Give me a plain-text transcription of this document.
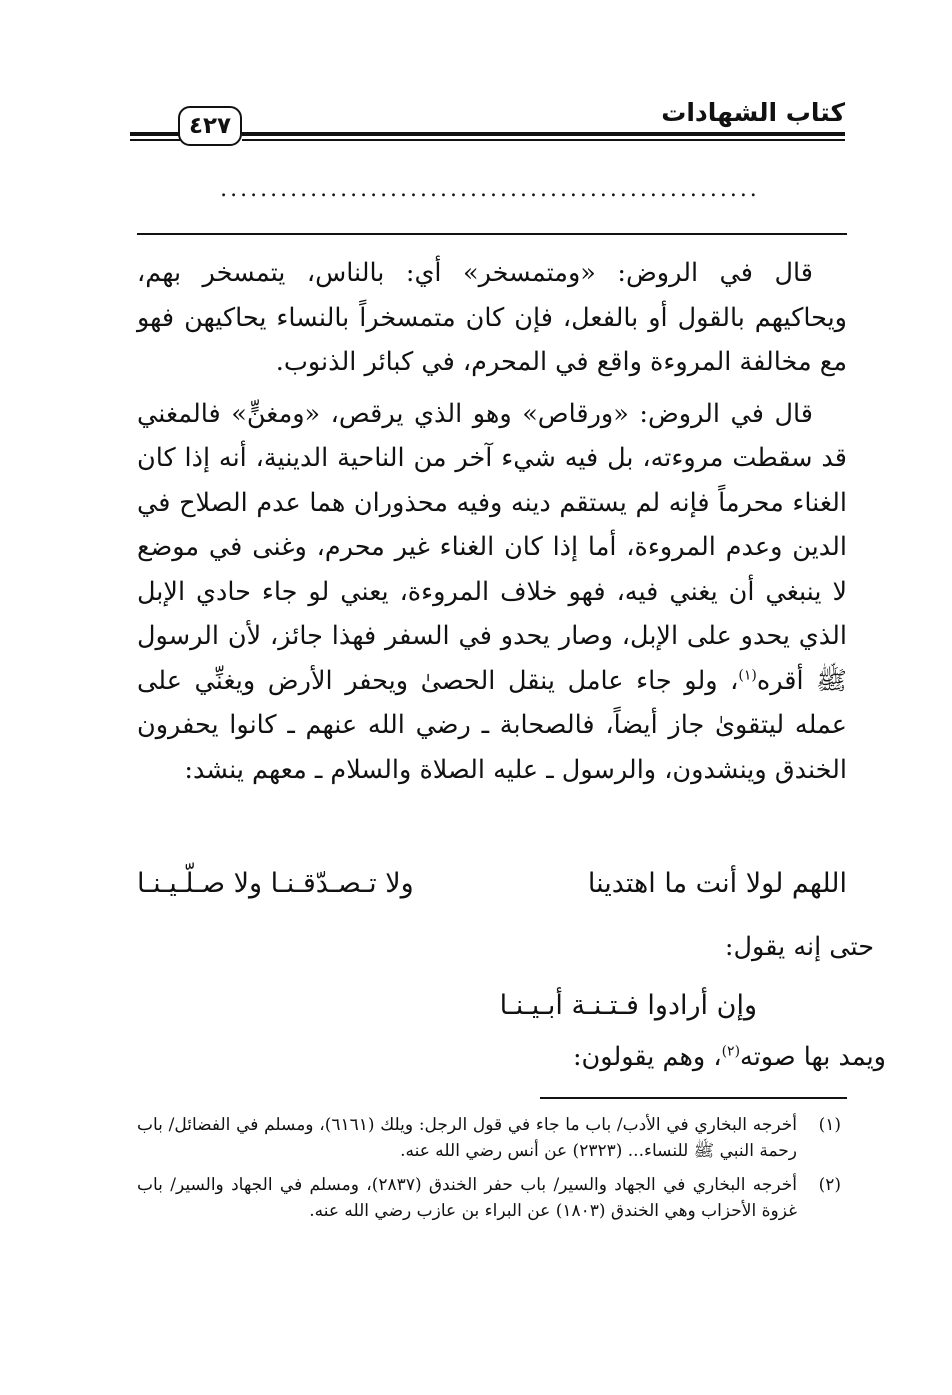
كتاب الشهادات
٤٢٧
......................................................

قال في الروض: «ومتمسخر» أي: بالناس، يتمسخر بهم، ويحاكيهم بالقول أو بالفعل، فإن كان متمسخراً بالنساء يحاكيهن فهو مع مخالفة المروءة واقع في المحرم، في كبائر الذنوب.

قال في الروض: «ورقاص» وهو الذي يرقص، «ومغنٍّ» فالمغني قد سقطت مروءته، بل فيه شيء آخر من الناحية الدينية، أنه إذا كان الغناء محرماً فإنه لم يستقم دينه وفيه محذوران هما عدم الصلاح في الدين وعدم المروءة، أما إذا كان الغناء غير محرم، وغنى في موضع لا ينبغي أن يغني فيه، فهو خلاف المروءة، يعني لو جاء حادي الإبل الذي يحدو على الإبل، وصار يحدو في السفر فهذا جائز، لأن الرسول ﷺ أقره$^{(١)}$، ولو جاء عامل ينقل الحصىٰ ويحفر الأرض ويغنِّي على عمله ليتقوىٰ جاز أيضاً، فالصحابة ـ رضي الله عنهم ـ كانوا يحفرون الخندق وينشدون، والرسول ـ عليه الصلاة والسلام ـ معهم ينشد:

اللهم لولا أنت ما اهتدينا
ولا تـصـدّقـنـا ولا صـلّـيـنـا
حتى إنه يقول:
وإن أرادوا فـتـنـة أبـيـنـا
ويمد بها صوته$^{(٢)}$، وهم يقولون:
(١)
أخرجه البخاري في الأدب/ باب ما جاء في قول الرجل: ويلك (٦١٦١)، ومسلم في الفضائل/ باب رحمة النبي ﷺ للنساء... (٢٣٢٣) عن أنس رضي الله عنه.
(٢)
أخرجه البخاري في الجهاد والسير/ باب حفر الخندق (٢٨٣٧)، ومسلم في الجهاد والسير/ باب غزوة الأحزاب وهي الخندق (١٨٠٣) عن البراء بن عازب رضي الله عنه.
